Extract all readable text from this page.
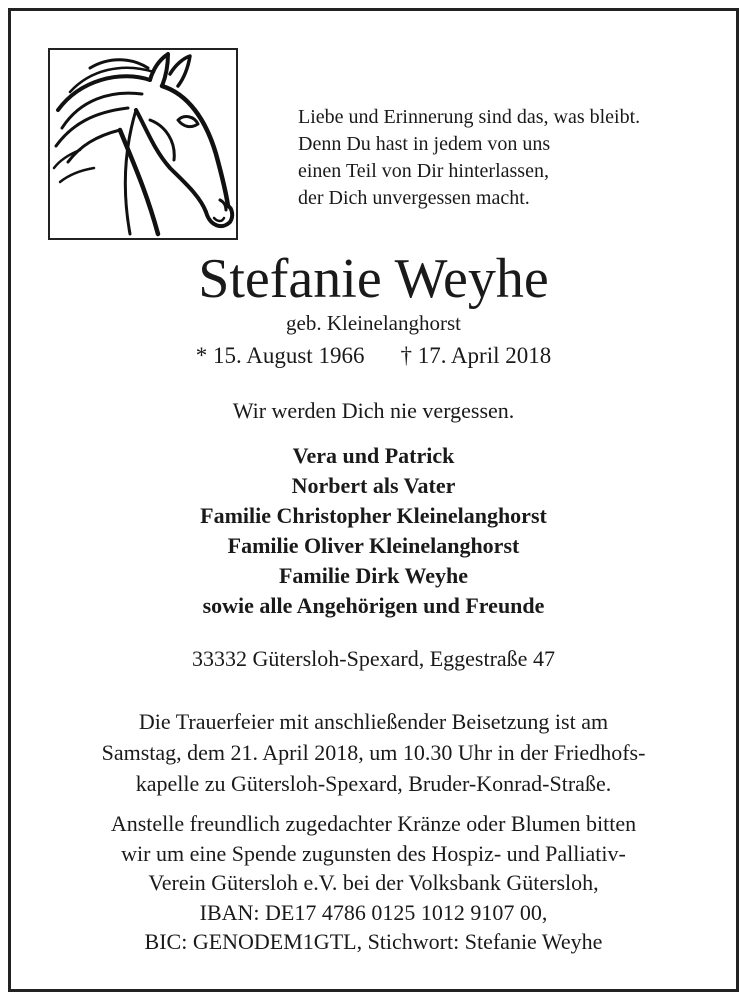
Liebe und Erinnerung sind das, was bleibt.
Denn Du hast in jedem von uns
einen Teil von Dir hinterlassen,
der Dich unvergessen macht.
Stefanie Weyhe
geb. Kleinelanghorst
* 15. August 1966 † 17. April 2018
Wir werden Dich nie vergessen.
Vera und Patrick
Norbert als Vater
Familie Christopher Kleinelanghorst
Familie Oliver Kleinelanghorst
Familie Dirk Weyhe
sowie alle Angehörigen und Freunde
33332 Gütersloh-Spexard, Eggestraße 47
Die Trauerfeier mit anschließender Beisetzung ist am
Samstag, dem 21. April 2018, um 10.30 Uhr in der Friedhofs-
kapelle zu Gütersloh-Spexard, Bruder-Konrad-Straße.
Anstelle freundlich zugedachter Kränze oder Blumen bitten
wir um eine Spende zugunsten des Hospiz- und Palliativ-
Verein Gütersloh e.V. bei der Volksbank Gütersloh,
IBAN: DE17 4786 0125 1012 9107 00,
BIC: GENODEM1GTL, Stichwort: Stefanie Weyhe
